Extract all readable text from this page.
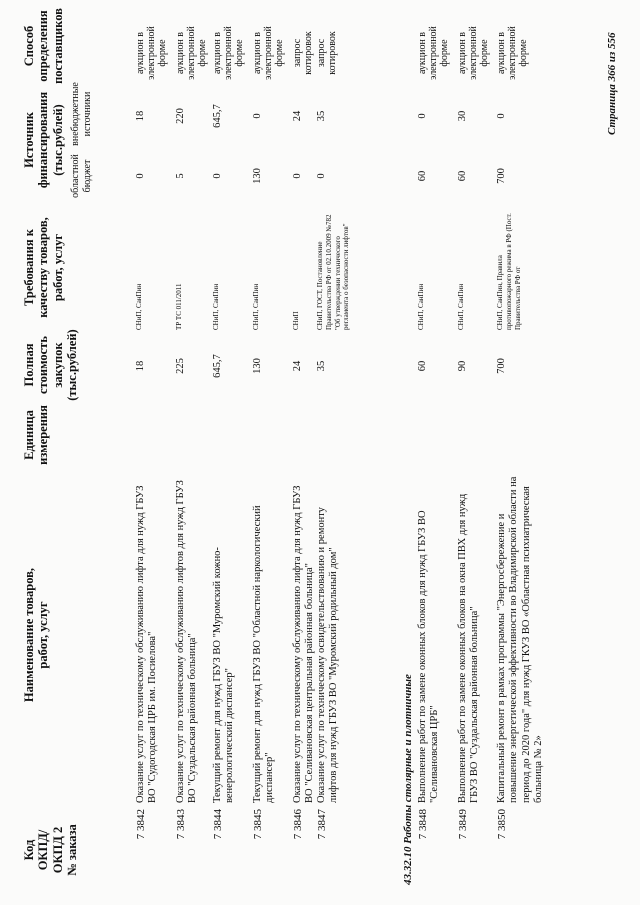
Код ОКПД/ ОКПД 2 № заказа
Наименование товаров, работ, услуг
Единица измерения
Полная стоимость закупок (тыс.рублей)
Требования к качеству товаров, работ, услуг
Источник финансирования (тыс.рублей)
областной бюджет
внебюджетные источники
Способ определения поставщиков
7 3842
Оказание услуг по техническому обслуживанию лифта для нужд ГБУЗ ВО "Судогодская ЦРБ им. Посиелова"
18
СНиП, СанПин
0
18
аукцион в электронной форме
7 3843
Оказание услуг по техническому обслуживанию лифтов для нужд ГБУЗ ВО "Суздальская районная больница"
225
ТР ТС 011/2011
5
220
аукцион в электронной форме
7 3844
Текущий ремонт для нужд ГБУЗ ВО "Муромский кожно-венерологический диспансер"
645,7
СНиП, СанПин
0
645,7
аукцион в электронной форме
7 3845
Текущий ремонт для нужд ГБУЗ ВО "Областной наркологический диспансер"
130
СНиП, СанПин
130
0
аукцион в электронной форме
7 3846
Оказание услуг по техническому обслуживанию лифта для нужд ГБУЗ ВО "Селивановская центральная районная больница"
24
СНиП
0
24
запрос котировок
7 3847
Оказание услуг по техническому освидетельствованию и ремонту лифтов для нужд ГБУЗ ВО "Муромский родильный дом"
35
СНиП, ГОСТ, Постановление Правительства РФ от 02.10.2009 №782 "Об утверждении технического регламента о безопасности лифтов"
0
35
запрос котировок
43.32.10 Работы столярные и плотничные 7 3848
Выполнение работ по замене оконных блоков для нужд ГБУЗ ВО "Селивановская ЦРБ"
60
СНиП, СанПин
60
0
аукцион в электронной форме
7 3849
Выполнение работ по замене оконных блоков на окна ПВХ для нужд ГБУЗ ВО "Суздальская районная больница"
90
СНиП, СанПин
60
30
аукцион в электронной форме
7 3850
Капитальный ремонт в рамках программы "Энергосбережение и повышение энергетической эффективности во Владимирской области на период до 2020 года" для нужд ГКУЗ ВО «Областная психиатрическая больница № 2»
700
СНиП, СанПин, Правила противопожарного режима в РФ (Пост. Правительства РФ от
700
0
аукцион в электронной форме	Страница 366 из 556
